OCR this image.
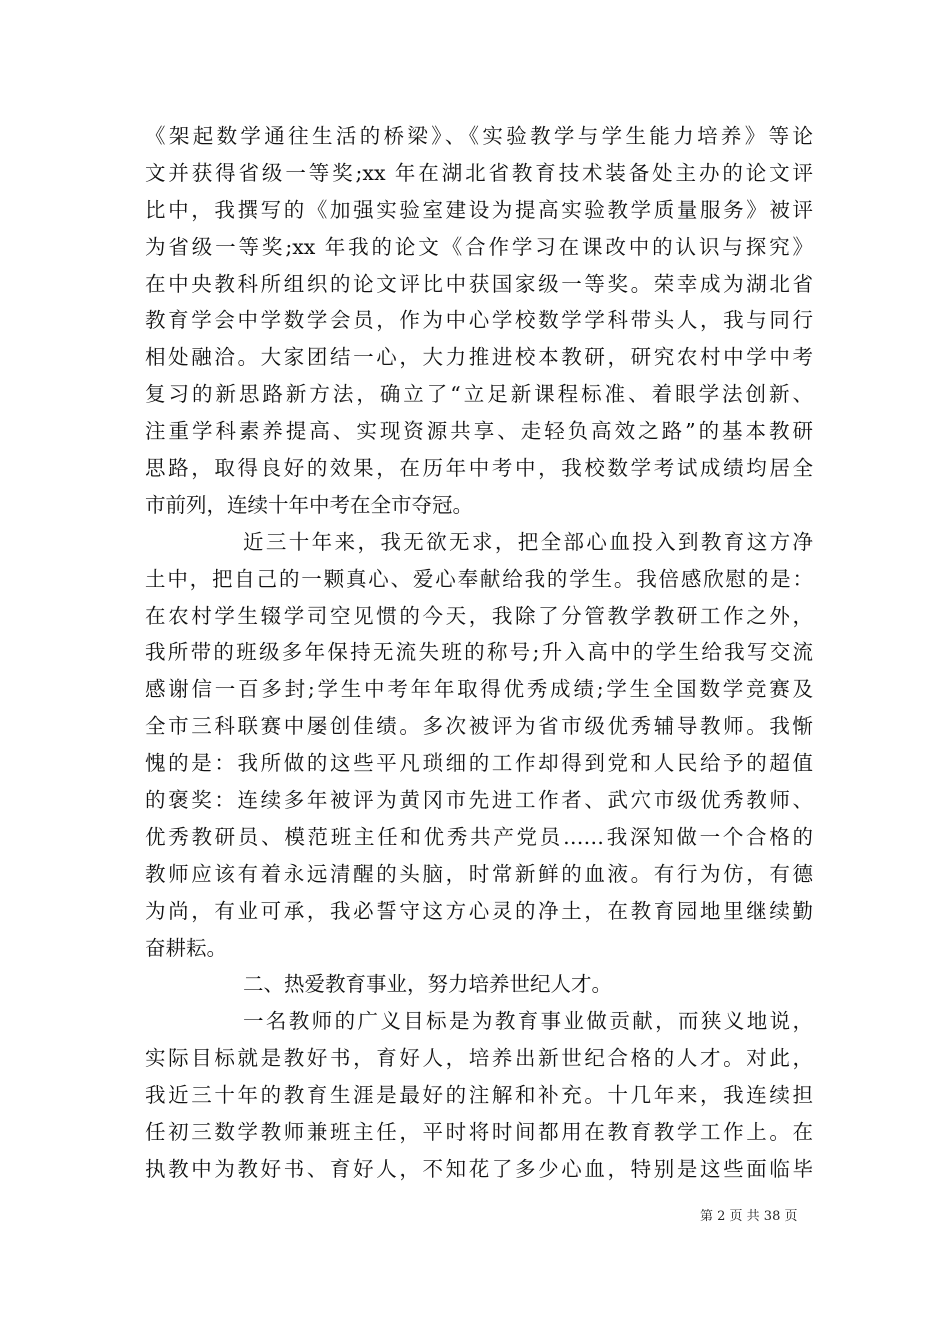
《架起数学通往生活的桥梁》、《实验教学与学生能力培养》等论
文并获得省级一等奖;xx 年在湖北省教育技术装备处主办的论文评
比中，我撰写的《加强实验室建设为提高实验教学质量服务》被评
为省级一等奖;xx 年我的论文《合作学习在课改中的认识与探究》
在中央教科所组织的论文评比中获国家级一等奖。荣幸成为湖北省
教育学会中学数学会员，作为中心学校数学学科带头人，我与同行
相处融洽。大家团结一心，大力推进校本教研，研究农村中学中考
复习的新思路新方法，确立了“立足新课程标准、着眼学法创新、
注重学科素养提高、实现资源共享、走轻负高效之路”的基本教研
思路，取得良好的效果，在历年中考中，我校数学考试成绩均居全
市前列，连续十年中考在全市夺冠。
近三十年来，我无欲无求，把全部心血投入到教育这方净
土中，把自己的一颗真心、爱心奉献给我的学生。我倍感欣慰的是：
在农村学生辍学司空见惯的今天，我除了分管教学教研工作之外，
我所带的班级多年保持无流失班的称号;升入高中的学生给我写交流
感谢信一百多封;学生中考年年取得优秀成绩;学生全国数学竞赛及
全市三科联赛中屡创佳绩。多次被评为省市级优秀辅导教师。我惭
愧的是：我所做的这些平凡琐细的工作却得到党和人民给予的超值
的褒奖：连续多年被评为黄冈市先进工作者、武穴市级优秀教师、
优秀教研员、模范班主任和优秀共产党员……我深知做一个合格的
教师应该有着永远清醒的头脑，时常新鲜的血液。有行为仿，有德
为尚，有业可承，我必誓守这方心灵的净土，在教育园地里继续勤
奋耕耘。
二、热爱教育事业，努力培养世纪人才。
一名教师的广义目标是为教育事业做贡献，而狭义地说，
实际目标就是教好书，育好人，培养出新世纪合格的人才。对此，
我近三十年的教育生涯是最好的注解和补充。十几年来，我连续担
任初三数学教师兼班主任，平时将时间都用在教育教学工作上。在
执教中为教好书、育好人，不知花了多少心血，特别是这些面临毕
第 2 页 共 38 页
